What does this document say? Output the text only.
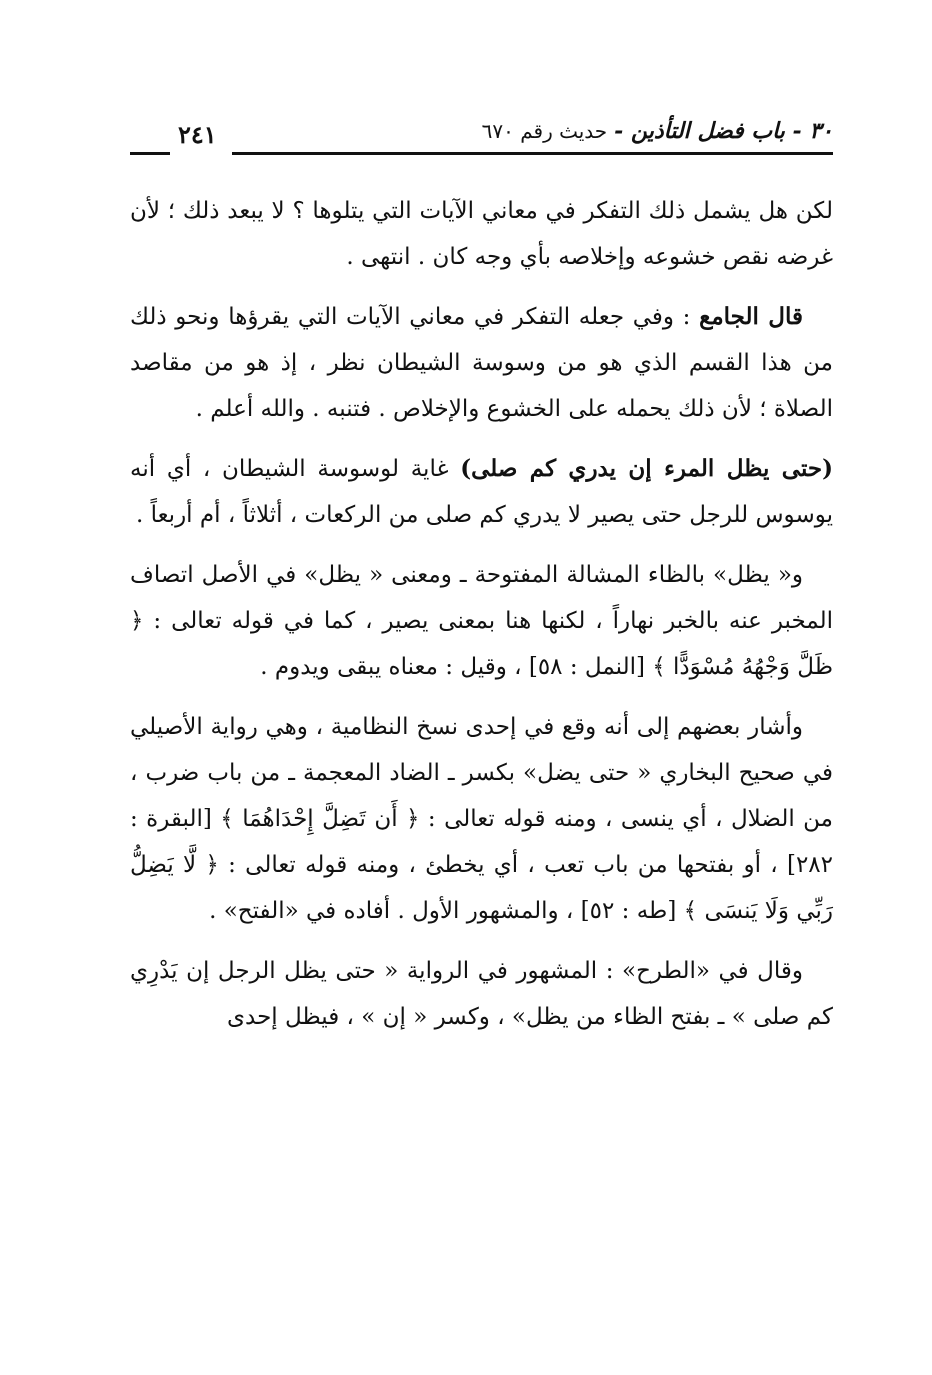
٣٠ - باب فضل التأذين - حديث رقم ٦٧٠
٢٤١

لكن هل يشمل ذلك التفكر في معاني الآيات التي يتلوها ؟ لا يبعد ذلك ؛ لأن غرضه نقص خشوعه وإخلاصه بأي وجه كان . انتهى .

قال الجامع : وفي جعله التفكر في معاني الآيات التي يقرؤها ونحو ذلك من هذا القسم الذي هو من وسوسة الشيطان نظر ، إذ هو من مقاصد الصلاة ؛ لأن ذلك يحمله على الخشوع والإخلاص . فتنبه . والله أعلم .

(حتى يظل المرء إن يدري كم صلى) غاية لوسوسة الشيطان ، أي أنه يوسوس للرجل حتى يصير لا يدري كم صلى من الركعات ، أثلاثاً ، أم أربعاً .

و« يظل» بالظاء المشالة المفتوحة ـ ومعنى « يظل» في الأصل اتصاف المخبر عنه بالخبر نهاراً ، لكنها هنا بمعنى يصير ، كما في قوله تعالى : ﴿ ظَلَّ وَجْهُهُ مُسْوَدًّا ﴾ [النمل : ٥٨] ، وقيل : معناه يبقى ويدوم .

وأشار بعضهم إلى أنه وقع في إحدى نسخ النظامية ، وهي رواية الأصيلي في صحيح البخاري « حتى يضل» بكسر ـ الضاد المعجمة ـ من باب ضرب ، من الضلال ، أي ينسى ، ومنه قوله تعالى : ﴿ أَن تَضِلَّ إِحْدَاهُمَا ﴾ [البقرة : ٢٨٢] ، أو بفتحها من باب تعب ، أي يخطئ ، ومنه قوله تعالى : ﴿ لَّا يَضِلُّ رَبِّي وَلَا يَنسَى ﴾ [طه : ٥٢] ، والمشهور الأول . أفاده في «الفتح» .

وقال في «الطرح» : المشهور في الرواية « حتى يظل الرجل إن يَدْرِي كم صلى » ـ بفتح الظاء من يظل» ، وكسر « إن » ، فيظل إحدى
